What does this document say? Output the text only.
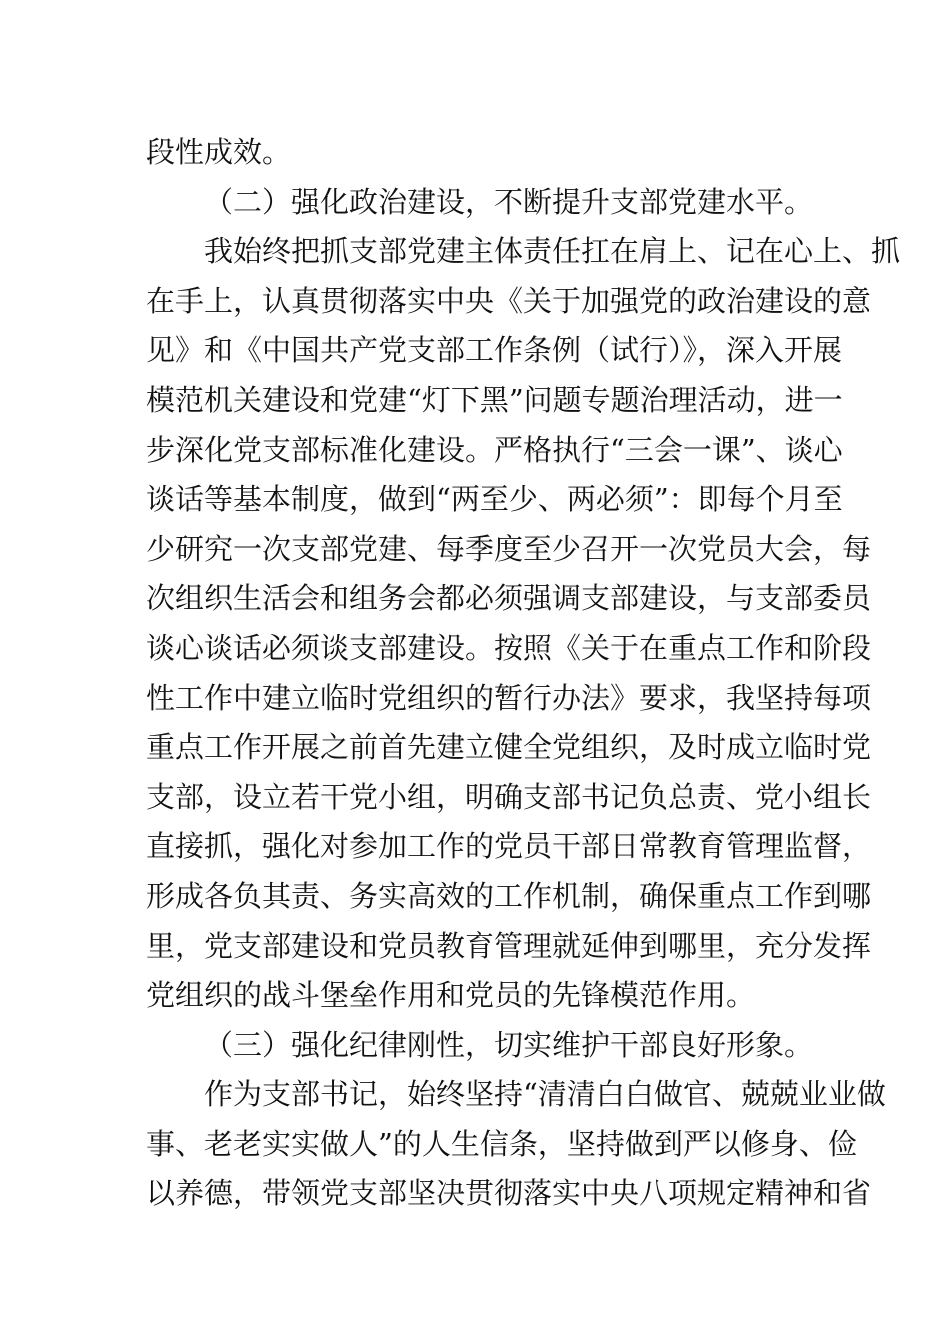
段性成效。

（二）强化政治建设，不断提升支部党建水平。

我始终把抓支部党建主体责任扛在肩上、记在心上、抓
在手上，认真贯彻落实中央《关于加强党的政治建设的意
见》和《中国共产党支部工作条例（试行）》，深入开展
模范机关建设和党建“灯下黑”问题专题治理活动，进一
步深化党支部标准化建设。严格执行“三会一课”、谈心
谈话等基本制度，做到“两至少、两必须”：即每个月至
少研究一次支部党建、每季度至少召开一次党员大会，每
次组织生活会和组务会都必须强调支部建设，与支部委员
谈心谈话必须谈支部建设。按照《关于在重点工作和阶段
性工作中建立临时党组织的暂行办法》要求，我坚持每项
重点工作开展之前首先建立健全党组织，及时成立临时党
支部，设立若干党小组，明确支部书记负总责、党小组长
直接抓，强化对参加工作的党员干部日常教育管理监督，
形成各负其责、务实高效的工作机制，确保重点工作到哪
里，党支部建设和党员教育管理就延伸到哪里，充分发挥
党组织的战斗堡垒作用和党员的先锋模范作用。

（三）强化纪律刚性，切实维护干部良好形象。

作为支部书记，始终坚持“清清白白做官、兢兢业业做
事、老老实实做人”的人生信条，坚持做到严以修身、俭
以养德，带领党支部坚决贯彻落实中央八项规定精神和省
